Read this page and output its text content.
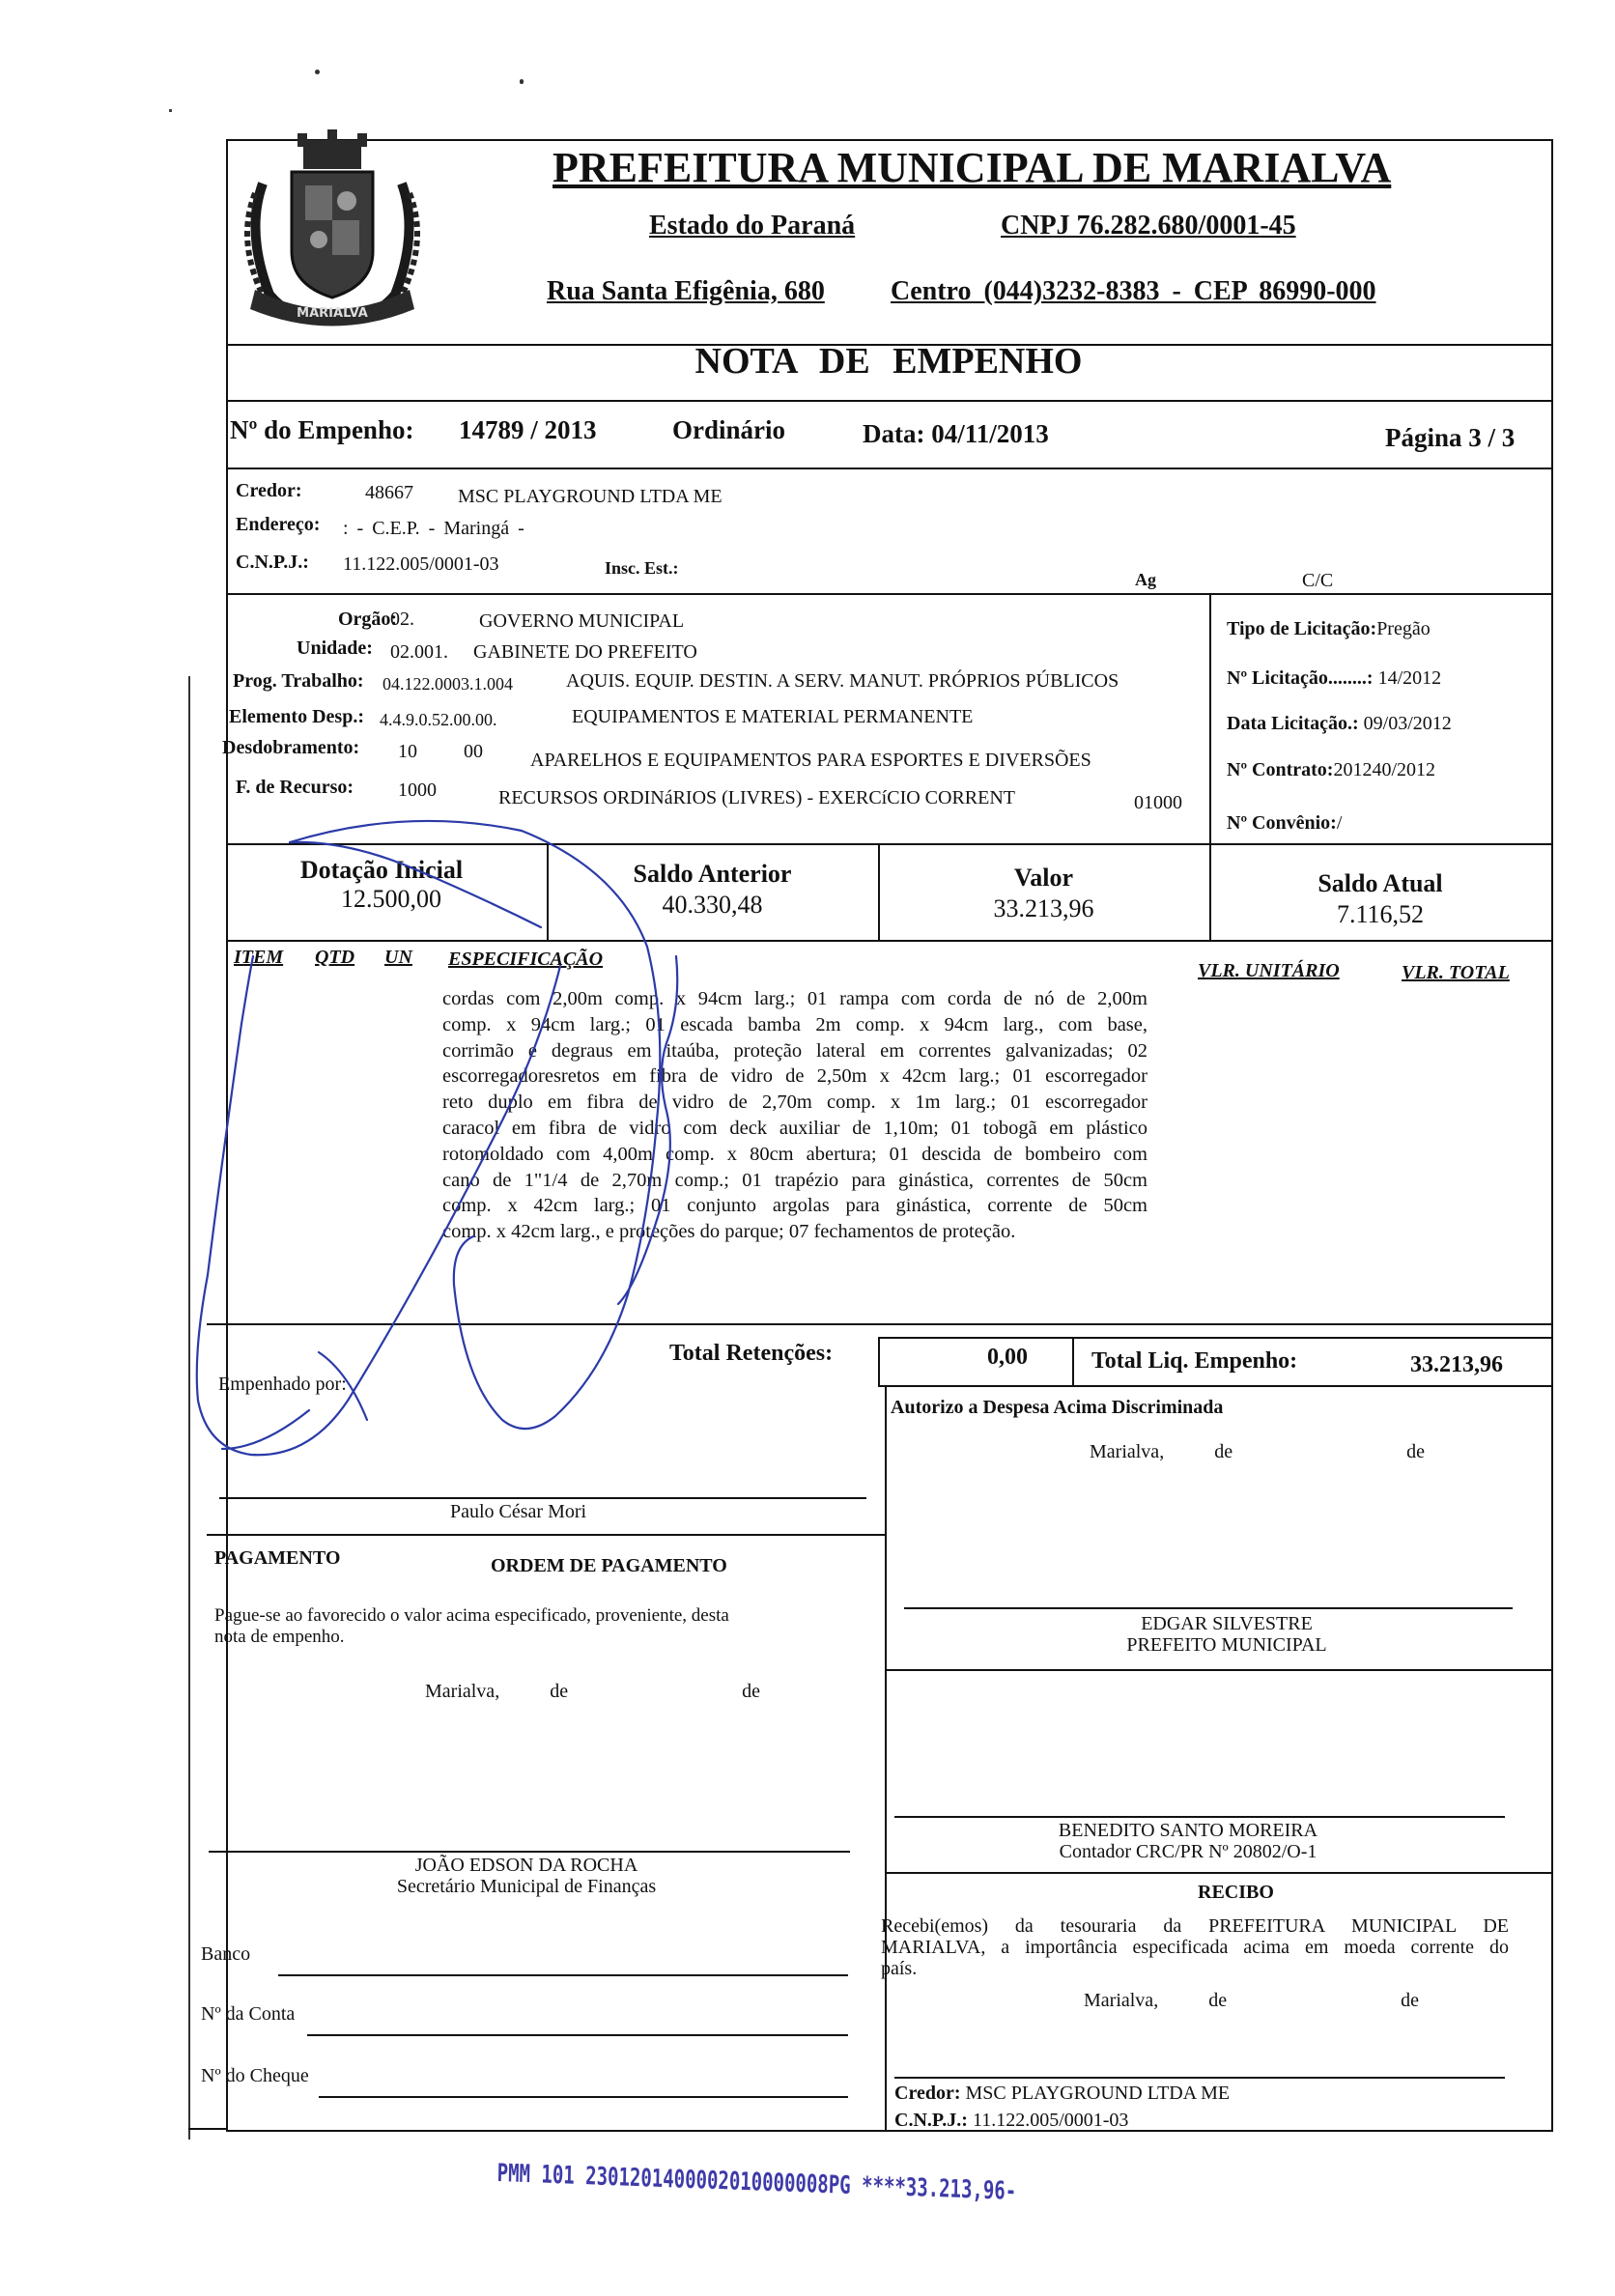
MARIALVA
PREFEITURA MUNICIPAL DE MARIALVA
Estado do Paraná	CNPJ 76.282.680/0001-45
Rua Santa Efigênia, 680 Centro (044)3232-8383 - CEP 86990-000
NOTA DE EMPENHO
Nº do Empenho: 14789 / 2013	Ordinário	Data: 04/11/2013	Página 3 / 3
Credor:	48667 MSC PLAYGROUND LTDA ME
Endereço: : - C.E.P. - Maringá -
C.N.P.J.: 11.122.005/0001-03	Insc. Est.:
Ag	C/C
Orgão:
02.	GOVERNO MUNICIPAL
Unidade: 02.001. GABINETE DO PREFEITO
Prog. Trabalho: 04.122.0003.1.004	AQUIS. EQUIP. DESTIN. A SERV. MANUT. PRÓPRIOS PÚBLICOS
Elemento Desp.: 4.4.9.0.52.00.00.	EQUIPAMENTOS E MATERIAL PERMANENTE
Desdobramento: 10 00 APARELHOS E EQUIPAMENTOS PARA ESPORTES E DIVERSÕES
F. de Recurso: 1000	RECURSOS ORDINáRIOS (LIVRES) - EXERCíCIO CORRENT	01000
Tipo de Licitação:Pregão
Nº Licitação........: 14/2012
Data Licitação.: 09/03/2012
Nº Contrato:201240/2012
Nº Convênio:/
Dotação Inicial
12.500,00
Saldo Anterior
40.330,48
Valor
33.213,96
Saldo Atual
7.116,52
ITEM QTD UN ESPECIFICAÇÃO
VLR. UNITÁRIO	VLR. TOTAL
cordas com 2,00m comp. x 94cm larg.; 01 rampa com corda de nó de 2,00m
comp. x 94cm larg.; 01 escada bamba 2m comp. x 94cm larg., com base,
corrimão e degraus em itaúba, proteção lateral em correntes galvanizadas; 02
escorregadoresretos em fibra de vidro de 2,50m x 42cm larg.; 01 escorregador
reto duplo em fibra de vidro de 2,70m comp. x 1m larg.; 01 escorregador
caracol em fibra de vidro com deck auxiliar de 1,10m; 01 tobogã em plástico
rotomoldado com 4,00m comp. x 80cm abertura; 01 descida de bombeiro com
cano de 1"1/4 de 2,70m comp.; 01 trapézio para ginástica, correntes de 50cm
comp. x 42cm larg.; 01 conjunto argolas para ginástica, corrente de 50cm
comp. x 42cm larg., e proteções do parque; 07 fechamentos de proteção.
Total Retenções:	0,00	Total Liq. Empenho:	33.213,96
Empenhado por:
Autorizo a Despesa Acima Discriminada
Marialva,	de	de
Paulo César Mori
PAGAMENTO	ORDEM DE PAGAMENTO
Pague-se ao favorecido o valor acima especificado, proveniente, desta
nota de empenho.
Marialva,	de	de
EDGAR SILVESTRE
PREFEITO MUNICIPAL
BENEDITO SANTO MOREIRA
Contador CRC/PR Nº 20802/O-1
JOÃO EDSON DA ROCHA
Secretário Municipal de Finanças	RECIBO
Recebi(emos) da tesouraria da PREFEITURA MUNICIPAL DE
MARIALVA, a importância especificada acima em moeda corrente do
país.
Marialva,	de	de
Banco
Nº da Conta
Nº do Cheque
Credor: MSC PLAYGROUND LTDA ME
C.N.P.J.: 11.122.005/0001-03
PMM 101 2301201400002010000008PG ****33.213,96-
